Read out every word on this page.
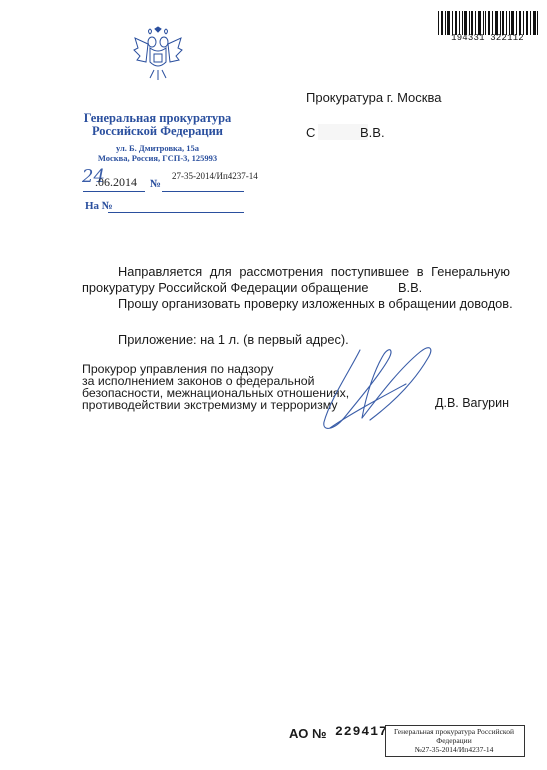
194331 322112
Генеральная прокуратура
Российской Федерации
ул. Б. Дмитровка, 15а
Москва, Россия, ГСП-3, 125993
24
.06.2014 №
27-35-2014/Ип4237-14
На №
Прокуратура г. Москва
С	В.В.
Направляется для рассмотрения поступившее в Генеральную
прокуратуру Российской Федерации обращение В.В.
Прошу организовать проверку изложенных в обращении доводов.
Приложение: на 1 л. (в первый адрес).
Прокурор управления по надзору
за исполнением законов о федеральной
безопасности, межнациональных отношениях,
противодействии экстремизму и терроризму	Д.В. Вагурин
АО № 229417 Генеральная прокуратура Российской
Федерации
№27-35-2014/Ип4237-14
